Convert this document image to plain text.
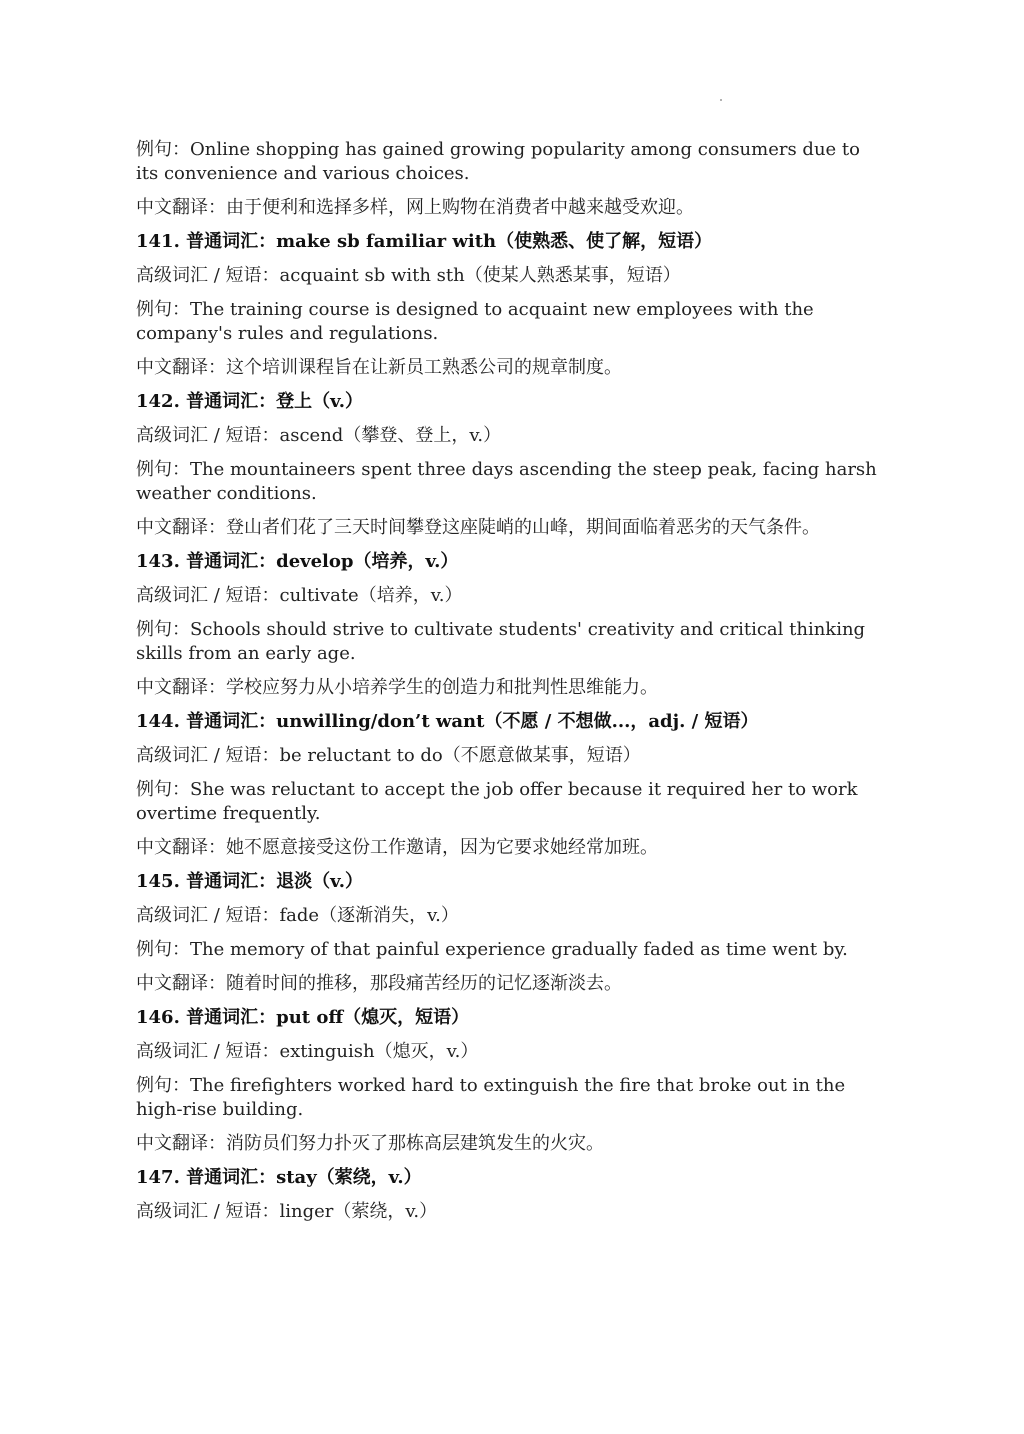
例句：Online shopping has gained growing popularity among consumers due to its convenience and various choices.

中文翻译：由于便利和选择多样，网上购物在消费者中越来越受欢迎。

141. 普通词汇：make sb familiar with（使熟悉、使了解，短语）

高级词汇 / 短语：acquaint sb with sth（使某人熟悉某事，短语）

例句：The training course is designed to acquaint new employees with the company's rules and regulations.

中文翻译：这个培训课程旨在让新员工熟悉公司的规章制度。

142. 普通词汇：登上（v.）

高级词汇 / 短语：ascend（攀登、登上，v.）

例句：The mountaineers spent three days ascending the steep peak, facing harsh weather conditions.

中文翻译：登山者们花了三天时间攀登这座陡峭的山峰，期间面临着恶劣的天气条件。

143. 普通词汇：develop（培养，v.）

高级词汇 / 短语：cultivate（培养，v.）

例句：Schools should strive to cultivate students' creativity and critical thinking skills from an early age.

中文翻译：学校应努力从小培养学生的创造力和批判性思维能力。

144. 普通词汇：unwilling/don’t want（不愿 / 不想做...，adj. / 短语）

高级词汇 / 短语：be reluctant to do（不愿意做某事，短语）

例句：She was reluctant to accept the job offer because it required her to work overtime frequently.

中文翻译：她不愿意接受这份工作邀请，因为它要求她经常加班。

145. 普通词汇：退淡（v.）

高级词汇 / 短语：fade（逐渐消失，v.）

例句：The memory of that painful experience gradually faded as time went by.

中文翻译：随着时间的推移，那段痛苦经历的记忆逐渐淡去。

146. 普通词汇：put off（熄灭，短语）

高级词汇 / 短语：extinguish（熄灭，v.）

例句：The firefighters worked hard to extinguish the fire that broke out in the high-rise building.

中文翻译：消防员们努力扑灭了那栋高层建筑发生的火灾。

147. 普通词汇：stay（萦绕，v.）

高级词汇 / 短语：linger（萦绕，v.）
